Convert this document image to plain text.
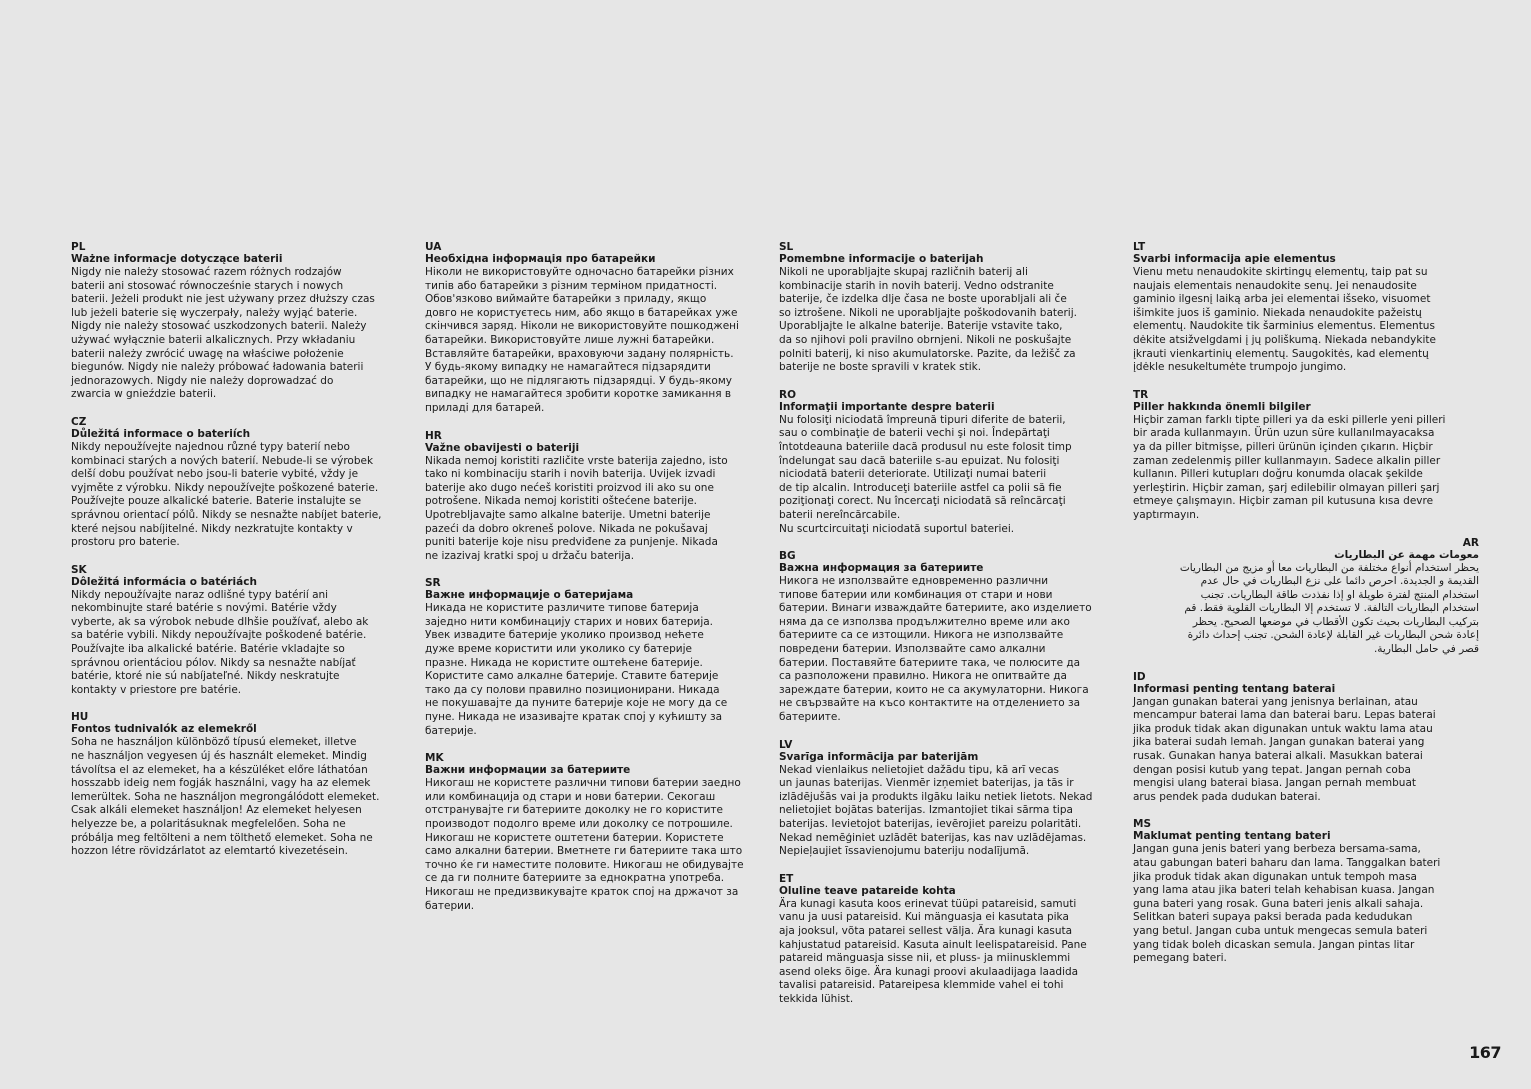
PL

Ważne informacje dotyczące baterii

Nigdy nie należy stosować razem różnych rodzajów
baterii ani stosować równocześnie starych i nowych
baterii. Jeżeli produkt nie jest używany przez dłuższy czas
lub jeżeli baterie się wyczerpały, należy wyjąć baterie.
Nigdy nie należy stosować uszkodzonych baterii. Należy
używać wyłącznie baterii alkalicznych. Przy wkładaniu
baterii należy zwrócić uwagę na właściwe położenie
biegunów. Nigdy nie należy próbować ładowania baterii
jednorazowych. Nigdy nie należy doprowadzać do
zwarcia w gnieździe baterii.

CZ

Důležitá informace o bateriích

Nikdy nepoužívejte najednou různé typy baterií nebo
kombinaci starých a nových baterií. Nebude-li se výrobek
delší dobu používat nebo jsou-li baterie vybité, vždy je
vyjměte z výrobku. Nikdy nepoužívejte poškozené baterie.
Používejte pouze alkalické baterie. Baterie instalujte se
správnou orientací pólů. Nikdy se nesnažte nabíjet baterie,
které nejsou nabíjitelné. Nikdy nezkratujte kontakty v
prostoru pro baterie.

SK

Dôležitá informácia o batériách

Nikdy nepoužívajte naraz odlišné typy batérií ani
nekombinujte staré batérie s novými. Batérie vždy
vyberte, ak sa výrobok nebude dlhšie používať, alebo ak
sa batérie vybili. Nikdy nepoužívajte poškodené batérie.
Používajte iba alkalické batérie. Batérie vkladajte so
správnou orientáciou pólov. Nikdy sa nesnažte nabíjať
batérie, ktoré nie sú nabíjateľné. Nikdy neskratujte
kontakty v priestore pre batérie.

HU

Fontos tudnivalók az elemekről

Soha ne használjon különböző típusú elemeket, illetve
ne használjon vegyesen új és használt elemeket. Mindig
távolítsa el az elemeket, ha a készüléket előre láthatóan
hosszabb ideig nem fogják használni, vagy ha az elemek
lemerültek. Soha ne használjon megrongálódott elemeket.
Csak alkáli elemeket használjon! Az elemeket helyesen
helyezze be, a polaritásuknak megfelelően. Soha ne
próbálja meg feltölteni a nem tölthető elemeket. Soha ne
hozzon létre rövidzárlatot az elemtartó kivezetésein.

UA

Необхідна інформація про батарейки

Ніколи не використовуйте одночасно батарейки різних
типів або батарейки з різним терміном придатності.
Обов'язково виймайте батарейки з приладу, якщо
довго не користуєтесь ним, або якщо в батарейках уже
скінчився заряд. Ніколи не використовуйте пошкоджені
батарейки. Використовуйте лише лужні батарейки.
Вставляйте батарейки, враховуючи задану полярність.
У будь-якому випадку не намагайтеся підзарядити
батарейки, що не підлягають підзарядці. У будь-якому
випадку не намагайтеся зробити коротке замикання в
приладі для батарей.

HR

Važne obavijesti o bateriji

Nikada nemoj koristiti različite vrste baterija zajedno, isto
tako ni kombinaciju starih i novih baterija. Uvijek izvadi
baterije ako dugo nećeš koristiti proizvod ili ako su one
potrošene. Nikada nemoj koristiti oštećene baterije.
Upotrebljavajte samo alkalne baterije. Umetni baterije
pazeći da dobro okreneš polove. Nikada ne pokušavaj
puniti baterije koje nisu predviđene za punjenje. Nikada
ne izazivaj kratki spoj u držaču baterija.

SR

Важне информације о батеријама

Никада не користите различите типове батерија
заједно нити комбинацију старих и нових батерија.
Увек извадите батерије уколико производ нећете
дуже време користити или уколико су батерије
празне. Никада не користите оштећене батерије.
Користите само алкалне батерије. Ставите батерије
тако да су полови правилно позиционирани. Никада
не покушавајте да пуните батерије које не могу да се
пуне. Никада не изазивајте кратак спој у кућишту за
батерије.

MK

Важни информации за батериите

Никогаш не користете различни типови батерии заедно
или комбинација од стари и нови батерии. Секогаш
отстранувајте ги батериите доколку не го користите
производот подолго време или доколку се потрошиле.
Никогаш не користете оштетени батерии. Користете
само алкални батерии. Вметнете ги батериите така што
точно ќе ги наместите половите. Никогаш не обидувајте
се да ги полните батериите за еднократна употреба.
Никогаш не предизвикувајте краток спој на држачот за
батерии.

SL

Pomembne informacije o baterijah

Nikoli ne uporabljajte skupaj različnih baterij ali
kombinacije starih in novih baterij. Vedno odstranite
baterije, če izdelka dlje časa ne boste uporabljali ali če
so iztrošene. Nikoli ne uporabljajte poškodovanih baterij.
Uporabljajte le alkalne baterije. Baterije vstavite tako,
da so njihovi poli pravilno obrnjeni. Nikoli ne poskušajte
polniti baterij, ki niso akumulatorske. Pazite, da ležišč za
baterije ne boste spravili v kratek stik.

RO

Informaţii importante despre baterii

Nu folosiţi niciodată împreună tipuri diferite de baterii,
sau o combinaţie de baterii vechi şi noi. Îndepărtaţi
întotdeauna bateriile dacă produsul nu este folosit timp
îndelungat sau dacă bateriile s-au epuizat. Nu folosiţi
niciodată baterii deteriorate. Utilizaţi numai baterii
de tip alcalin. Introduceţi bateriile astfel ca polii să fie
poziţionaţi corect. Nu încercaţi niciodată să reîncărcaţi
baterii nereîncărcabile.
Nu scurtcircuitaţi niciodată suportul bateriei.

BG

Важна информация за батериите

Никога не използвайте едновременно различни
типове батерии или комбинация от стари и нови
батерии. Винаги изваждайте батериите, ако изделието
няма да се използва продължително време или ако
батериите са се изтощили. Никога не използвайте
повредени батерии. Използвайте само алкални
батерии. Поставяйте батериите така, че полюсите да
са разположени правилно. Никога не опитвайте да
зареждате батерии, които не са акумулаторни. Никога
не свързвайте на късо контактите на отделението за
батериите.

LV

Svarīga informācija par baterijām

Nekad vienlaikus nelietojiet dažādu tipu, kā arī vecas
un jaunas baterijas. Vienmēr izņemiet baterijas, ja tās ir
izlādējušās vai ja produkts ilgāku laiku netiek lietots. Nekad
nelietojiet bojātas baterijas. Izmantojiet tikai sārma tipa
baterijas. Ievietojot baterijas, ievērojiet pareizu polaritāti.
Nekad nemēģiniet uzlādēt baterijas, kas nav uzlādējamas.
Nepieļaujiet īssavienojumu bateriju nodalījumā.

ET

Oluline teave patareide kohta

Ära kunagi kasuta koos erinevat tüüpi patareisid, samuti
vanu ja uusi patareisid. Kui mänguasja ei kasutata pika
aja jooksul, võta patarei sellest välja. Ära kunagi kasuta
kahjustatud patareisid. Kasuta ainult leelispatareisid. Pane
patareid mänguasja sisse nii, et pluss- ja miinusklemmi
asend oleks õige. Ära kunagi proovi akulaadijaga laadida
tavalisi patareisid. Patareipesa klemmide vahel ei tohi
tekkida lühist.

LT

Svarbi informacija apie elementus

Vienu metu nenaudokite skirtingų elementų, taip pat su
naujais elementais nenaudokite senų. Jei nenaudosite
gaminio ilgesnį laiką arba jei elementai išseko, visuomet
išimkite juos iš gaminio. Niekada nenaudokite pažeistų
elementų. Naudokite tik šarminius elementus. Elementus
dėkite atsižvelgdami į jų poliškumą. Niekada nebandykite
įkrauti vienkartinių elementų. Saugokitės, kad elementų
įdėkle nesukeltumėte trumpojo jungimo.

TR

Piller hakkında önemli bilgiler

Hiçbir zaman farklı tipte pilleri ya da eski pillerle yeni pilleri
bir arada kullanmayın. Ürün uzun süre kullanılmayacaksa
ya da piller bitmişse, pilleri ürünün içinden çıkarın. Hiçbir
zaman zedelenmiş piller kullanmayın. Sadece alkalin piller
kullanın. Pilleri kutupları doğru konumda olacak şekilde
yerleştirin. Hiçbir zaman, şarj edilebilir olmayan pilleri şarj
etmeye çalışmayın. Hiçbir zaman pil kutusuna kısa devre
yaptırmayın.

AR

معومات مهمة عن البطاريات

يحظر استخدام أنواع مختلفة من البطاريات معا أو مزيج من البطاريات
القديمة و الجديدة. احرص دائما على نزع البطاريات في حال عدم
استخدام المنتج لفترة طويلة او إذا نفذدت طاقة البطاريات. تجنب
استخدام البطاريات التالفة. لا تستخدم إلا البطاريات القلوية فقط. قم
بتركيب البطاريات بحيث تكون الأقطاب في موضعها الصحيح. يحظر
إعادة شحن البطاريات غير القابلة لإعادة الشحن. تجنب إحداث دائرة
قصر في حامل البطارية.

ID

Informasi penting tentang baterai

Jangan gunakan baterai yang jenisnya berlainan, atau
mencampur baterai lama dan baterai baru. Lepas baterai
jika produk tidak akan digunakan untuk waktu lama atau
jika baterai sudah lemah. Jangan gunakan baterai yang
rusak. Gunakan hanya baterai alkali. Masukkan baterai
dengan posisi kutub yang tepat. Jangan pernah coba
mengisi ulang baterai biasa. Jangan pernah membuat
arus pendek pada dudukan baterai.

MS

Maklumat penting tentang bateri

Jangan guna jenis bateri yang berbeza bersama-sama,
atau gabungan bateri baharu dan lama. Tanggalkan bateri
jika produk tidak akan digunakan untuk tempoh masa
yang lama atau jika bateri telah kehabisan kuasa. Jangan
guna bateri yang rosak. Guna bateri jenis alkali sahaja.
Selitkan bateri supaya paksi berada pada kedudukan
yang betul. Jangan cuba untuk mengecas semula bateri
yang tidak boleh dicaskan semula. Jangan pintas litar
pemegang bateri.

167
